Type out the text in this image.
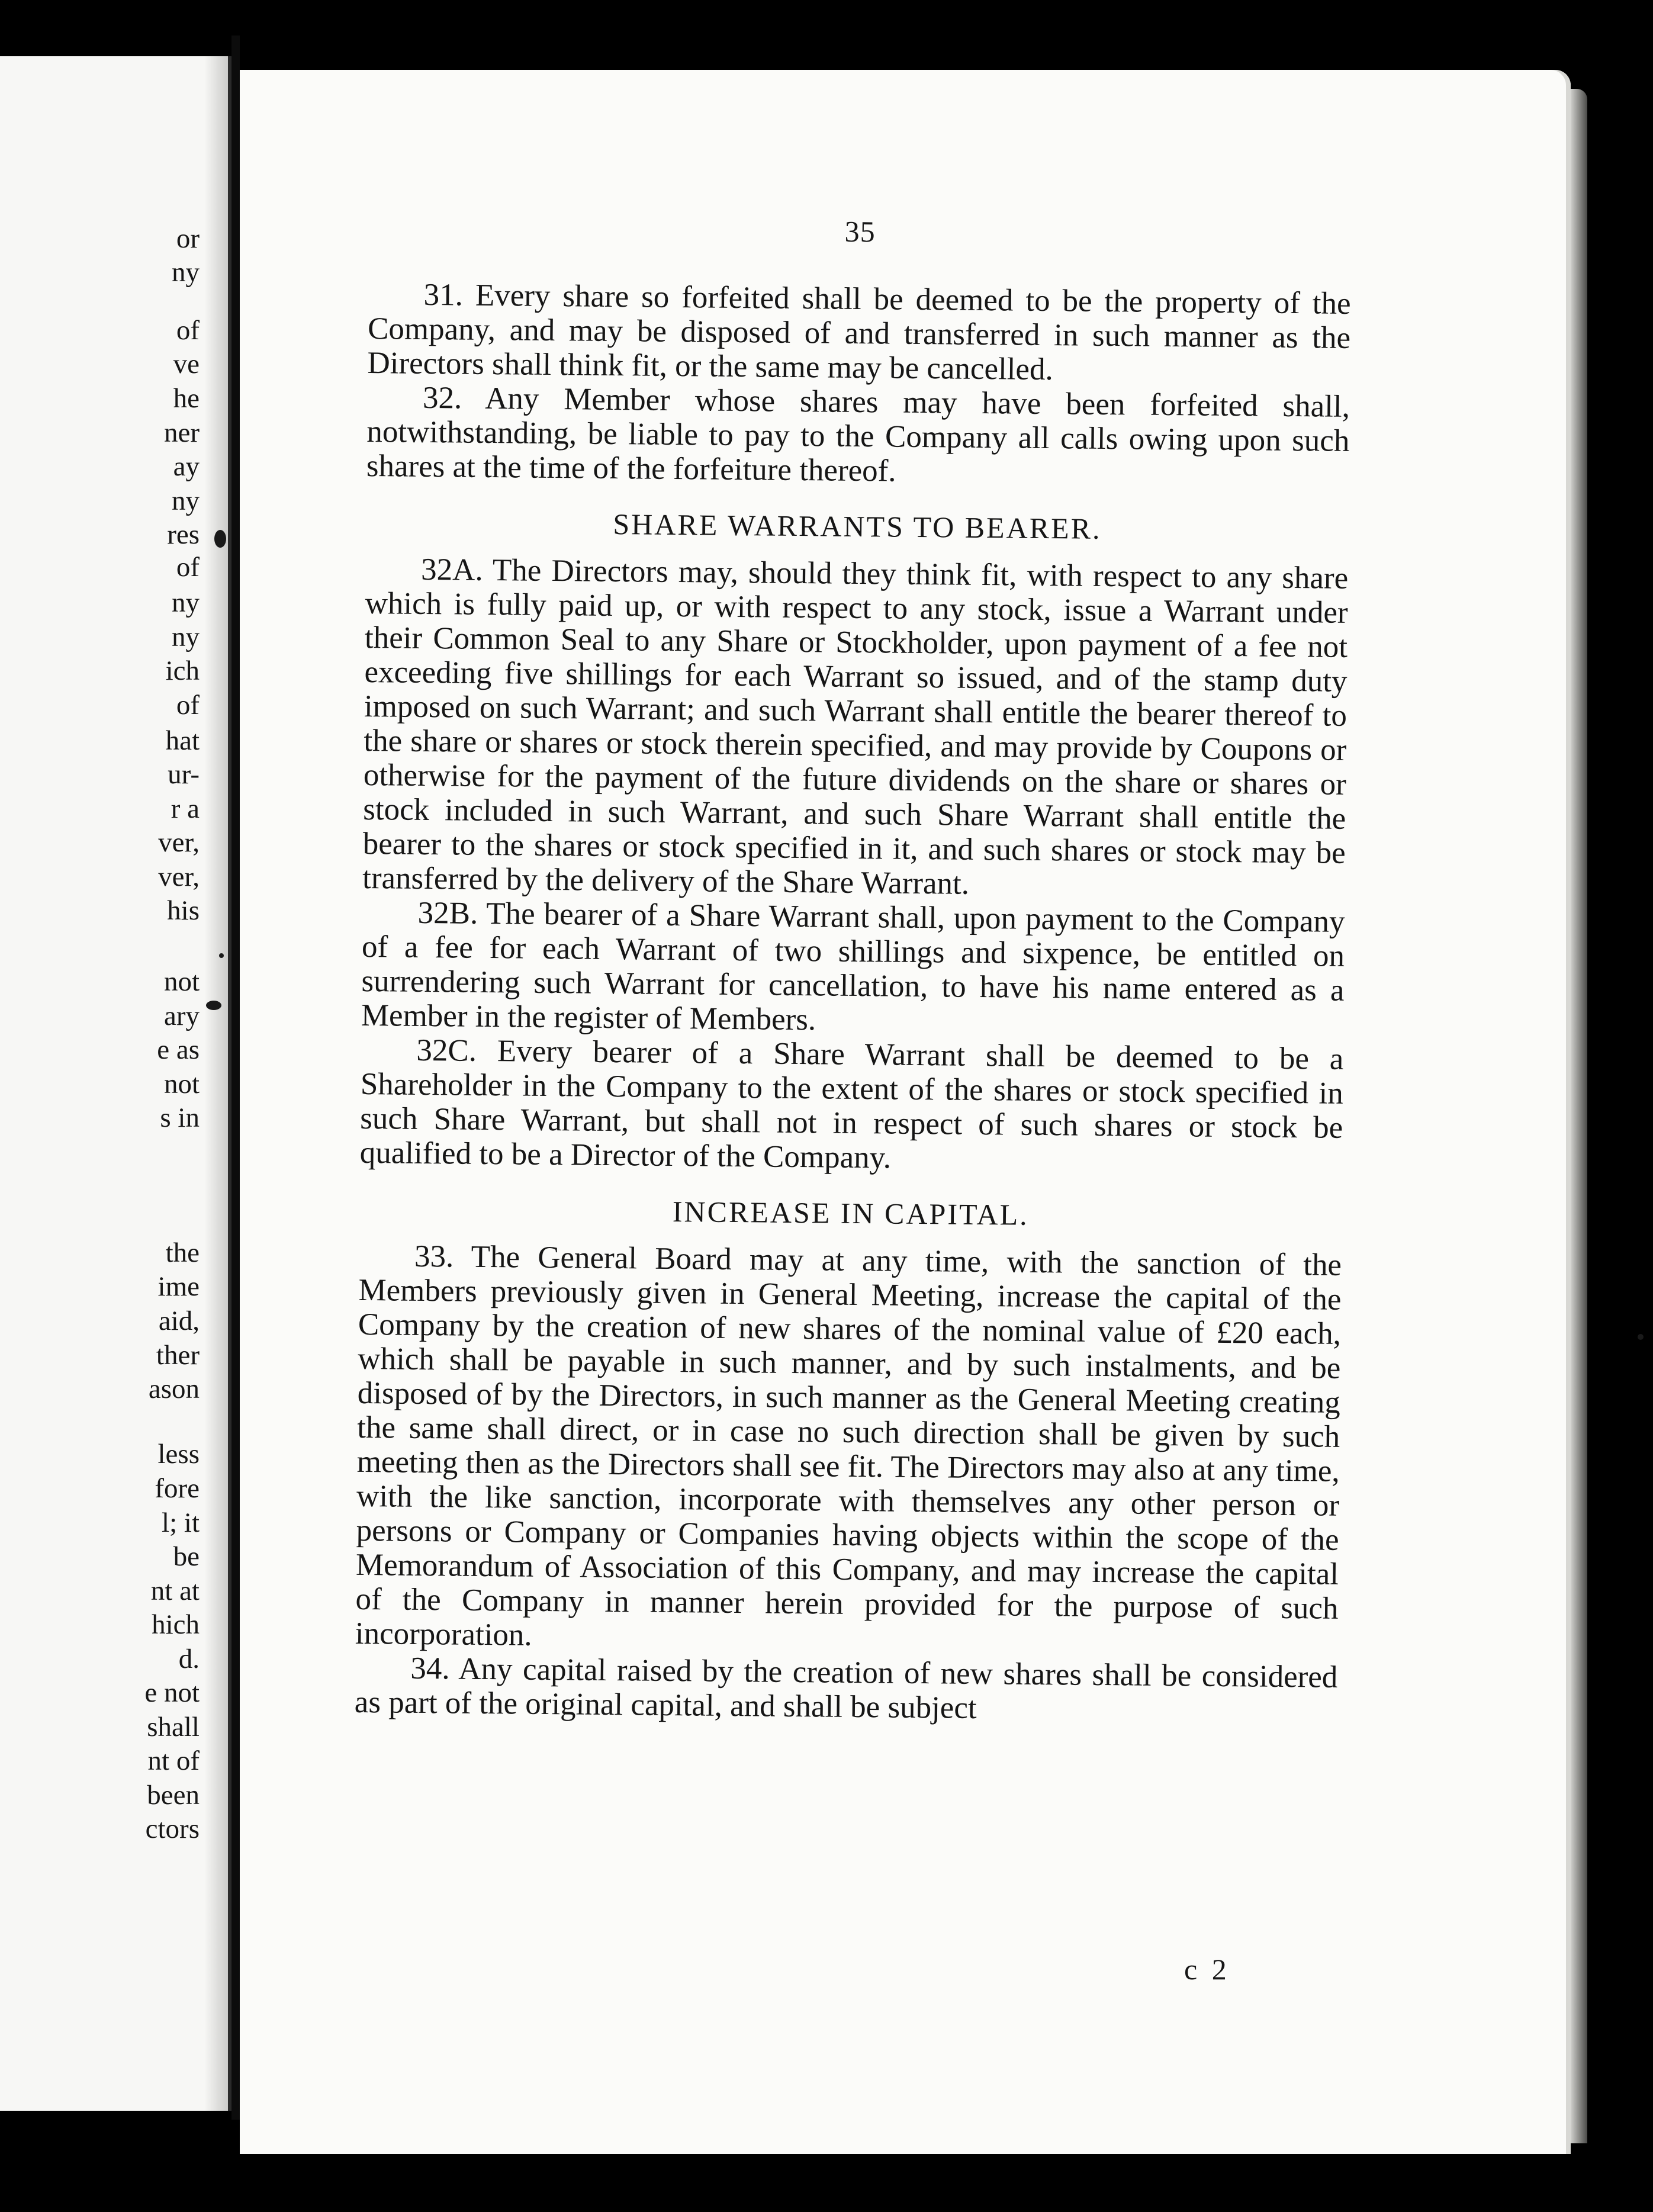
or
ny
of
ve
he
ner
ay
ny
res
of
ny
ny
ich
of
hat
ur-
r a
ver,
ver,
his
not
ary
e as
not
s in
the
ime
aid,
ther
ason
less
fore
l; it
be
nt at
hich
d.
e not
shall
nt of
been
ctors
35
31. Every share so forfeited shall be deemed to be the property of the Company, and may be disposed of and transferred in such manner as the Directors shall think fit, or the same may be cancelled.
32. Any Member whose shares may have been forfeited shall, notwithstanding, be liable to pay to the Company all calls owing upon such shares at the time of the forfeiture thereof.
SHARE WARRANTS TO BEARER.
32A. The Directors may, should they think fit, with respect to any share which is fully paid up, or with respect to any stock, issue a Warrant under their Common Seal to any Share or Stockholder, upon payment of a fee not exceeding five shillings for each Warrant so issued, and of the stamp duty imposed on such Warrant; and such Warrant shall entitle the bearer thereof to the share or shares or stock therein specified, and may provide by Coupons or otherwise for the payment of the future dividends on the share or shares or stock included in such Warrant, and such Share Warrant shall entitle the bearer to the shares or stock specified in it, and such shares or stock may be transferred by the delivery of the Share Warrant.
32B. The bearer of a Share Warrant shall, upon payment to the Company of a fee for each Warrant of two shillings and sixpence, be entitled on surrendering such Warrant for cancellation, to have his name entered as a Member in the register of Members.
32C. Every bearer of a Share Warrant shall be deemed to be a Shareholder in the Company to the extent of the shares or stock specified in such Share Warrant, but shall not in respect of such shares or stock be qualified to be a Director of the Company.
INCREASE IN CAPITAL.
33. The General Board may at any time, with the sanction of the Members previously given in General Meeting, increase the capital of the Company by the creation of new shares of the nominal value of £20 each, which shall be payable in such manner, and by such instalments, and be disposed of by the Directors, in such manner as the General Meeting creating the same shall direct, or in case no such direction shall be given by such meeting then as the Directors shall see fit. The Directors may also at any time, with the like sanction, incorporate with themselves any other person or persons or Company or Companies having objects within the scope of the Memorandum of Association of this Company, and may increase the capital of the Company in manner herein provided for the purpose of such incorporation.
34. Any capital raised by the creation of new shares shall be considered as part of the original capital, and shall be subject
c 2
